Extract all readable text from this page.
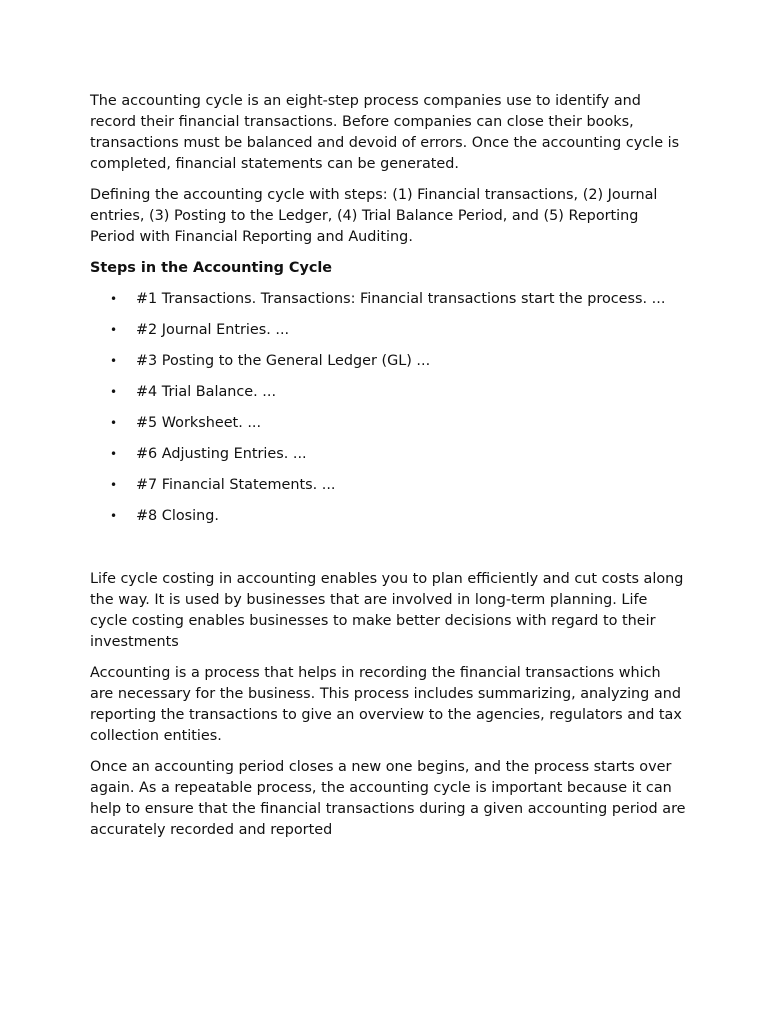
The accounting cycle is an eight-step process companies use to identify and record their financial transactions. Before companies can close their books, transactions must be balanced and devoid of errors. Once the accounting cycle is completed, financial statements can be generated.

Defining the accounting cycle with steps: (1) Financial transactions, (2) Journal entries, (3) Posting to the Ledger, (4) Trial Balance Period, and (5) Reporting Period with Financial Reporting and Auditing.

Steps in the Accounting Cycle
• #1 Transactions. Transactions: Financial transactions start the process. ...
• #2 Journal Entries. ...
• #3 Posting to the General Ledger (GL) ...
• #4 Trial Balance. ...
• #5 Worksheet. ...
• #6 Adjusting Entries. ...
• #7 Financial Statements. ...
• #8 Closing.

Life cycle costing in accounting enables you to plan efficiently and cut costs along the way. It is used by businesses that are involved in long-term planning. Life cycle costing enables businesses to make better decisions with regard to their investments

Accounting is a process that helps in recording the financial transactions which are necessary for the business. This process includes summarizing, analyzing and reporting the transactions to give an overview to the agencies, regulators and tax collection entities.

Once an accounting period closes a new one begins, and the process starts over again. As a repeatable process, the accounting cycle is important because it can help to ensure that the financial transactions during a given accounting period are accurately recorded and reported
